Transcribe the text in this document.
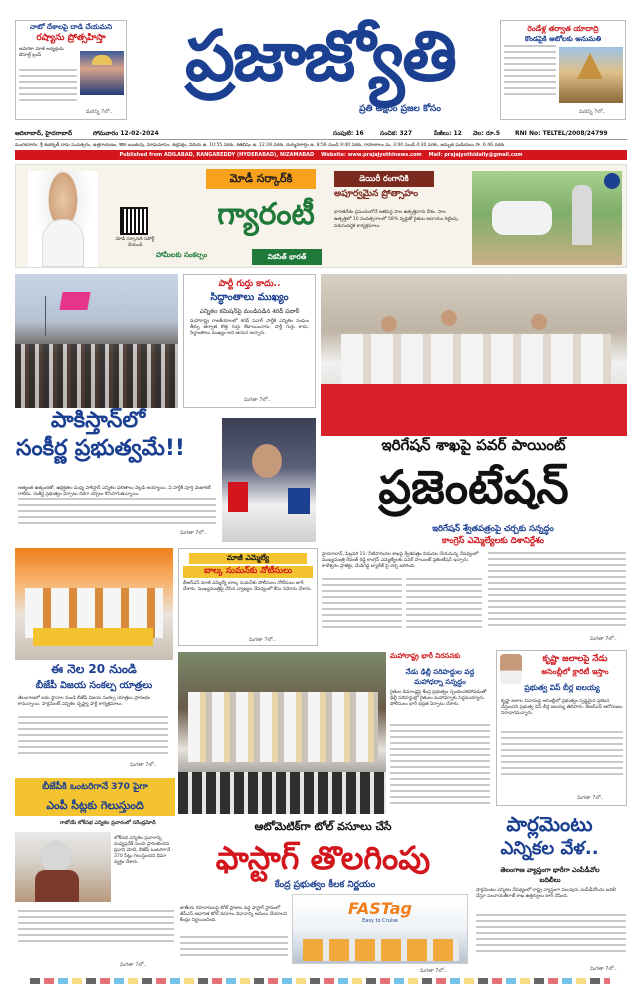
నాటో దేశాలపై దాడి చేయమని
రష్యాను ప్రోత్సహిస్తా
అమెరికా మాజీ అధ్యక్షుడు డొనాల్డ్ ట్రంప్
మరిన్ని 7లో..
ప్రజాజ్యోతి
ప్రతి అక్షరం ప్రజల కోసం
రెండేళ్ల తర్వాత యాదాద్రి
కొండపైకి ఆటోలకు అనుమతి
మరిన్ని 7లో..
ఆదిలాబాద్, హైదరాబాద్	సోమవారం 12-02-2024	సంపుటి: 16	సంచిక: 327	పేజీలు: 12 వెల: రూ.5 RNI No: TELTEL/2008/24799
మంగళవారం: శ్రీ శుభకృత్ నామ సంవత్సరం, ఉత్తరాయణం, శిశిర ఋతువు, మాఘమాసం, శుక్లపక్షం, విదియ ఉ. 10:55 వరకు, శతభిషం ఉ. 12:28 వరకు, దుర్ముహూర్తం ఉ. 8:56 నుండి 9:40 వరకు, రాహుకాలం మ. 3:00 నుండి 4:30 వరకు, అమృత ఘడియలు సా. 6:46 వరకు
Published from ADILABAD, RANGAREDDY (HYDERABAD), NIZAMABAD    Website: www.prajajyothinews.com    Mail: prajajyothidaily@gmail.com
మోడీ సర్కారుకి సపోర్ట్ చేయండి
హామీలకు సంకల్పం
మోడీ సర్కార్‌కి
గ్యారంటీ
వికసిత్ భారత్
డెయిరీ రంగానికి
అపూర్వమైన ప్రోత్సాహం
భారతదేశం ప్రపంచంలోనే అతిపెద్ద పాల ఉత్పత్తిదారు దేశం. పాల ఉత్పత్తిలో 10 సంవత్సరాలలో 58% వృద్ధితో రైతుల ఆదాయం రెట్టింపు. పశుసంవర్ధక కార్యక్రమాలు.
పార్టీ గుర్తు కాదు..
సిద్ధాంతాలు ముఖ్యం
ఎన్నికల కమిషన్‌పై మండిపడిన శరద్ పవార్
మహారాష్ట్ర రాజకీయాలలో శరద్ పవార్ పార్టీకి ఎన్నికల సంఘం తీర్పు తర్వాత కొత్త గుర్తు కేటాయించారు. పార్టీ గుర్తు కాదు, సిద్ధాంతాలు ముఖ్యం అని ఆయన అన్నారు.
మిగతా 7లో..
పాకిస్తాన్‌లో
సంకీర్ణ ప్రభుత్వమే!!
అత్యంత ఉత్కంఠతో, ఉద్రిక్తతల మధ్య పాకిస్తాన్ ఎన్నికల ఫలితాలు వెల్లడి అయ్యాయి. ఏ పార్టీకీ పూర్తి మెజారిటీ రాలేదు. సంకీర్ణ ప్రభుత్వం ఏర్పాటు దిశగా చర్చలు కొనసాగుతున్నాయి.
మిగతా 7లో..
ఇరిగేషన్ శాఖపై పవర్ పాయింట్
ప్రజెంటేషన్
ఇరిగేషన్ శ్వేతపత్రంపై చర్చకు సన్నద్ధం
కాంగ్రెస్ ఎమ్మెల్యేలకు దిశానిర్దేశం
హైదరాబాద్, ఫిబ్రవరి 11: నీటిపారుదల శాఖపై శ్వేతపత్రం విడుదల చేయనున్న నేపథ్యంలో ముఖ్యమంత్రి రేవంత్ రెడ్డి కాంగ్రెస్ ఎమ్మెల్యేలకు పవర్ పాయింట్ ప్రజెంటేషన్ ఇచ్చారు. కాళేశ్వరం ప్రాజెక్టు, మేడిగడ్డ బ్యారేజ్ పై చర్చ జరిగింది.
మిగతా 7లో..
ఈ నెల 20 నుండి
బీజేపీ విజయ సంకల్ప యాత్రలు
తెలంగాణలో ఐదు స్థానాల నుండి బీజేపీ విజయ సంకల్ప యాత్రలు ప్రారంభం కానున్నాయి. పార్లమెంట్ ఎన్నికల దృష్ట్యా పార్టీ కార్యక్రమాలు.
మిగతా 7లో..
మాజీ ఎమ్మెల్యే
బాల్క సుమన్‌కు నోటీసులు
బీఆర్ఎస్ మాజీ ఎమ్మెల్యే బాల్క సుమన్‌కు పోలీసులు నోటీసులు జారీ చేశారు. ముఖ్యమంత్రిపై చేసిన వ్యాఖ్యల నేపథ్యంలో కేసు నమోదు చేశారు.
మిగతా 7లో..
మహారాష్ట్ర భారీ నిరసనకు
నేడు ఢిల్లీ సరిహద్దుల వద్ద
మహాధర్నా సన్నద్ధం
రైతుల డిమాండ్లపై కేంద్ర ప్రభుత్వం స్పందించకపోవడంతో ఢిల్లీ సరిహద్దుల్లో రైతులు మహాధర్నాకు సిద్ధమయ్యారు. పోలీసులు భారీ భద్రత ఏర్పాటు చేశారు.
కృష్ణా జలాలపై నేడు
అసెంబ్లీలో క్లారిటీ ఇస్తాం
ప్రభుత్వ విప్ బీర్ల ఐలయ్య
కృష్ణా జలాల వివాదంపై అసెంబ్లీలో ప్రభుత్వం స్పష్టమైన ప్రకటన చేస్తుందని ప్రభుత్వ విప్ బీర్ల ఐలయ్య తెలిపారు. బీఆర్ఎస్ ఆరోపణలు నిరాధారమన్నారు.
మిగతా 7లో..
బీజేపీకి ఒంటరిగానే 370 పైగా
ఎంపీ సీట్లకు గెలుస్తుంది
రాబోయే లోక్‌సభ ఎన్నికల ప్రచారంలో నరేంద్రమోదీ
లోక్‌సభ ఎన్నికల ప్రచారాన్ని మధ్యప్రదేశ్ నుంచి ప్రారంభించిన ప్రధాని మోదీ, బీజేపీ ఒంటరిగానే 370 సీట్లు గెలుస్తుందని ధీమా వ్యక్తం చేశారు.
మిగతా 7లో..
ఆటోమెటిక్‌గా టోల్ వసూలు చేసే
ఫాస్టాగ్ తొలగింపు
కేంద్ర ప్రభుత్వం కీలక నిర్ణయం
FASTag
Easy to Cruise
జాతీయ రహదారులపై టోల్ ప్లాజాల వద్ద ఫాస్టాగ్ స్థానంలో జీపీఎస్ ఆధారిత టోల్ వసూలు విధానాన్ని అమలు చేయాలని కేంద్రం నిర్ణయించింది.
మిగతా 7లో..
పార్లమెంటు
ఎన్నికల వేళ..
తెలంగాణ వ్యాప్తంగా భారీగా ఎంపీడీవోల బదిలీలు
పార్లమెంటు ఎన్నికల నేపథ్యంలో రాష్ట్ర వ్యాప్తంగా పలువురు ఎంపీడీవోలను బదిలీ చేస్తూ పంచాయతీరాజ్ శాఖ ఉత్తర్వులు జారీ చేసింది.
మిగతా 7లో..
